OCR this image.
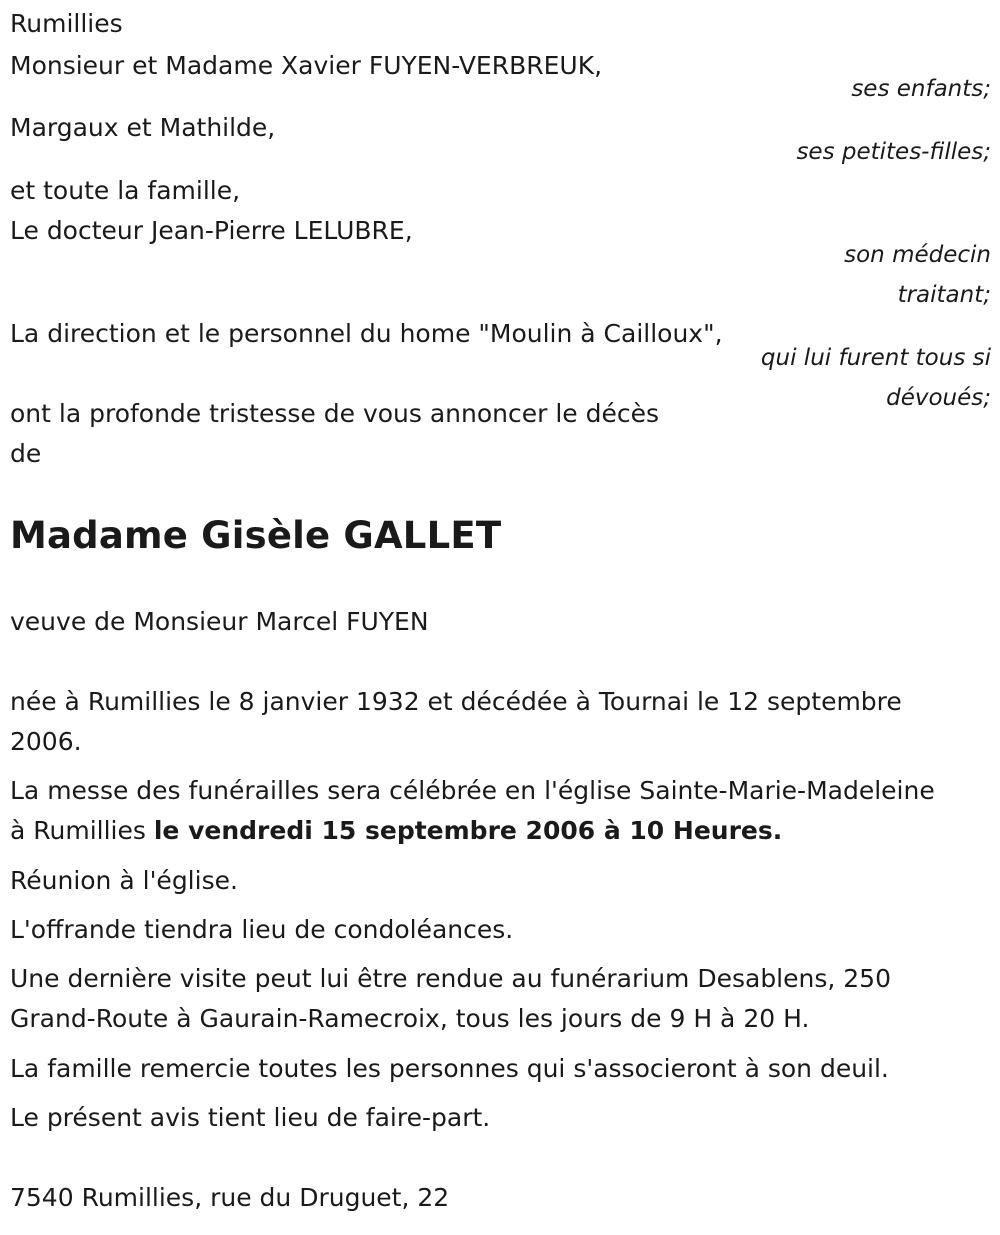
Rumillies

Monsieur et Madame Xavier FUYEN-VERBREUK,

ses enfants;

Margaux et Mathilde,

ses petites-filles;

et toute la famille,

Le docteur Jean-Pierre LELUBRE,

son médecin

traitant;

La direction et le personnel du home "Moulin à Cailloux",

qui lui furent tous si

dévoués;

ont la profonde tristesse de vous annoncer le décès

de

Madame Gisèle GALLET

veuve de Monsieur Marcel FUYEN

née à Rumillies le 8 janvier 1932 et décédée à Tournai le 12 septembre

2006.

La messe des funérailles sera célébrée en l'église Sainte-Marie-Madeleine

à Rumillies le vendredi 15 septembre 2006 à 10 Heures.

Réunion à l'église.

L'offrande tiendra lieu de condoléances.

Une dernière visite peut lui être rendue au funérarium Desablens, 250

Grand-Route à Gaurain-Ramecroix, tous les jours de 9 H à 20 H.

La famille remercie toutes les personnes qui s'associeront à son deuil.

Le présent avis tient lieu de faire-part.

7540 Rumillies, rue du Druguet, 22
